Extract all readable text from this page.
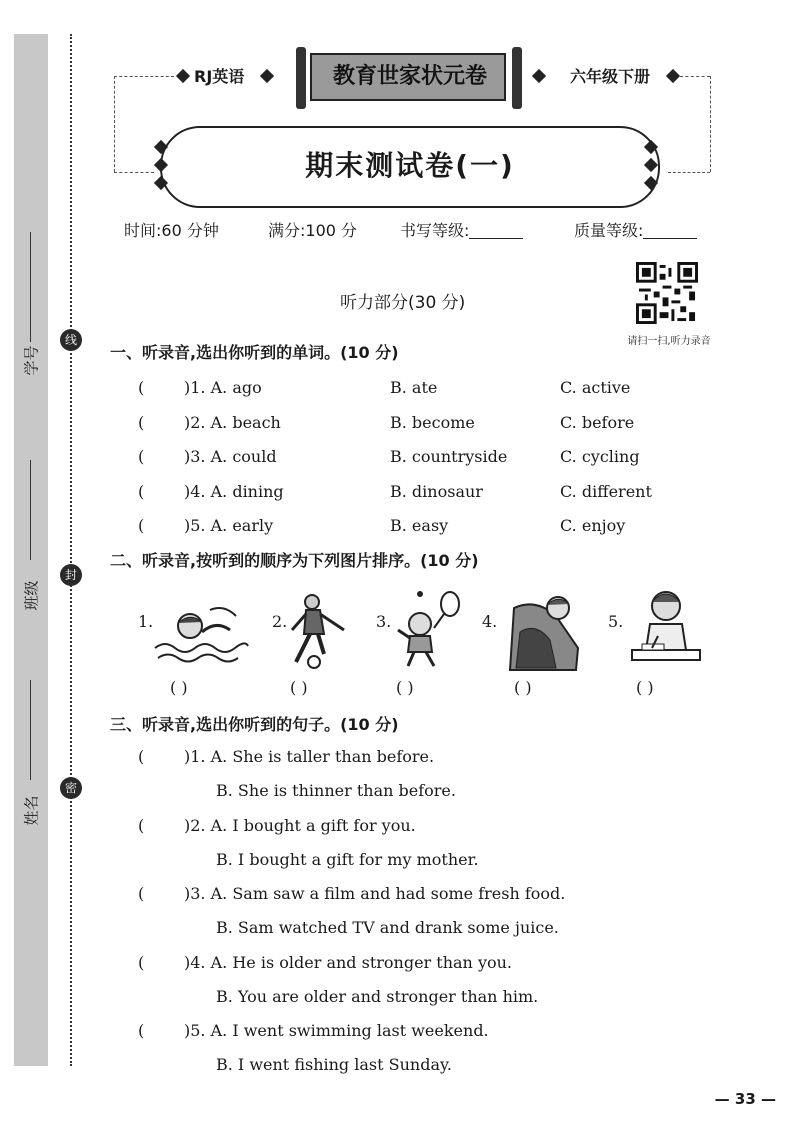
学号
班级
姓名
线
封
密
RJ英语	教育世家状元卷	六年级下册
期末测试卷(一)
时间:60 分钟	满分:100 分	书写等级:	质量等级:
听力部分(30 分)
请扫一扫,听力录音
一、听录音,选出你听到的单词。(10 分)
( )1. A. ago	B. ate	C. active
( )2. A. beach	B. become	C. before
( )3. A. could	B. countryside	C. cycling
( )4. A. dining	B. dinosaur	C. different
( )5. A. early	B. easy	C. enjoy
二、听录音,按听到的顺序为下列图片排序。(10 分)
1.	2.	3.	4.	5.
( )	( )	( )	( )	( )
三、听录音,选出你听到的句子。(10 分)
( )1. A. She is taller than before.
B. She is thinner than before.
( )2. A. I bought a gift for you.
B. I bought a gift for my mother.
( )3. A. Sam saw a film and had some fresh food.
B. Sam watched TV and drank some juice.
( )4. A. He is older and stronger than you.
B. You are older and stronger than him.
( )5. A. I went swimming last weekend.
B. I went fishing last Sunday.
— 33 —
